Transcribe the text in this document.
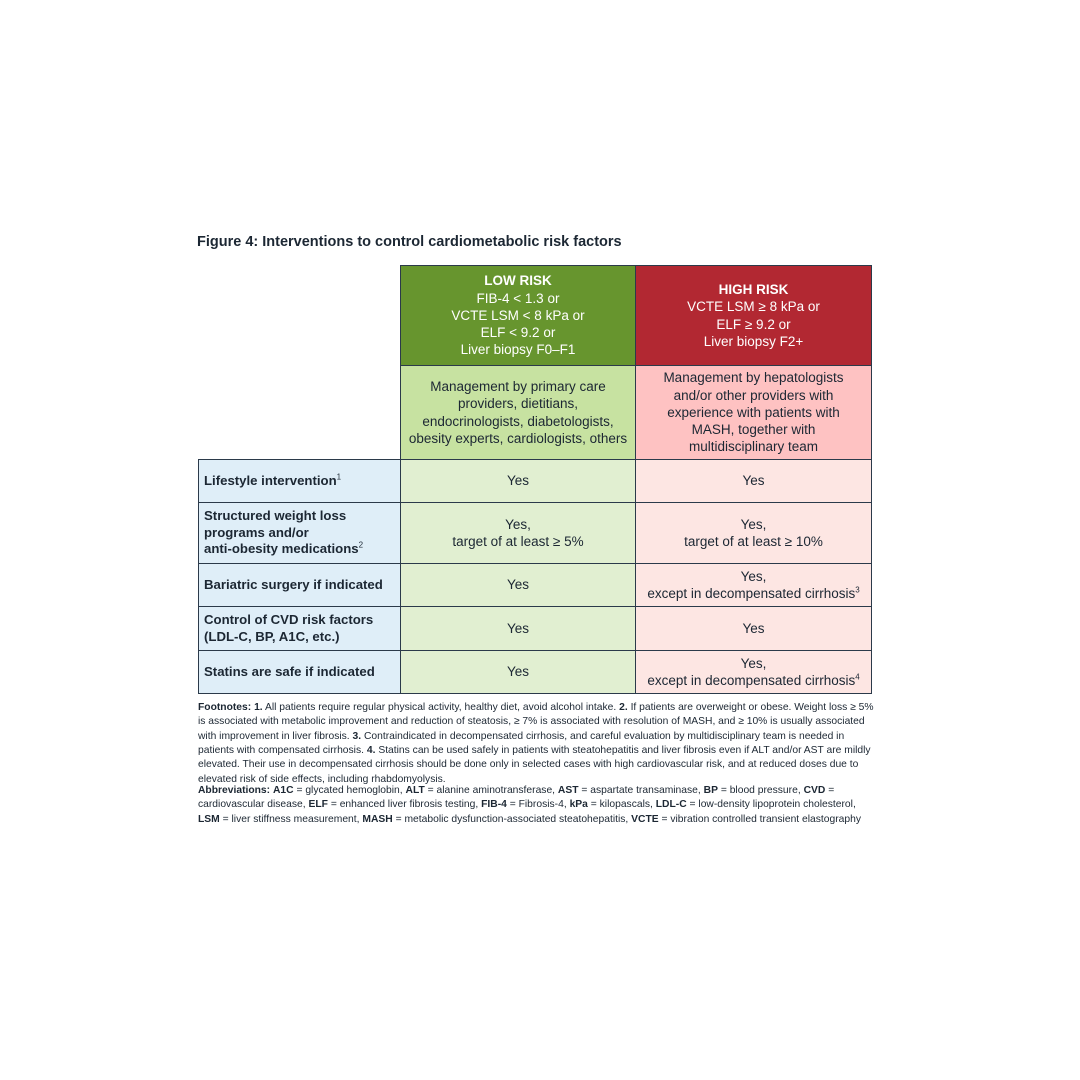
Figure 4: Interventions to control cardiometabolic risk factors

	LOW RISK
FIB-4 < 1.3 or
VCTE LSM < 8 kPa or
ELF < 9.2 or
Liver biopsy F0–F1	HIGH RISK
VCTE LSM ≥ 8 kPa or
ELF ≥ 9.2 or
Liver biopsy F2+

	Management by primary care
providers, dietitians,
endocrinologists, diabetologists,
obesity experts, cardiologists, others	Management by hepatologists
and/or other providers with
experience with patients with
MASH, together with
multidisciplinary team

Lifestyle intervention$^1$	Yes	Yes

Structured weight loss
programs and/or
anti-obesity medications$^2$	Yes,
target of at least ≥ 5%	Yes,
target of at least ≥ 10%

Bariatric surgery if indicated	Yes	Yes,
except in decompensated cirrhosis$^3$

Control of CVD risk factors
(LDL-C, BP, A1C, etc.)	Yes	Yes

Statins are safe if indicated	Yes	Yes,
except in decompensated cirrhosis$^4$
Footnotes: 1. All patients require regular physical activity, healthy diet, avoid alcohol intake. 2. If patients are overweight or obese. Weight loss ≥ 5% is associated with metabolic improvement and reduction of steatosis, ≥ 7% is associated with resolution of MASH, and ≥ 10% is usually associated with improvement in liver fibrosis. 3. Contraindicated in decompensated cirrhosis, and careful evaluation by multidisciplinary team is needed in patients with compensated cirrhosis. 4. Statins can be used safely in patients with steatohepatitis and liver fibrosis even if ALT and/or AST are mildly elevated. Their use in decompensated cirrhosis should be done only in selected cases with high cardiovascular risk, and at reduced doses due to elevated risk of side effects, including rhabdomyolysis.
Abbreviations: A1C = glycated hemoglobin, ALT = alanine aminotransferase, AST = aspartate transaminase, BP = blood pressure, CVD = cardiovascular disease, ELF = enhanced liver fibrosis testing, FIB-4 = Fibrosis-4, kPa = kilopascals, LDL-C = low-density lipoprotein cholesterol, LSM = liver stiffness measurement, MASH = metabolic dysfunction-associated steatohepatitis, VCTE = vibration controlled transient elastography
